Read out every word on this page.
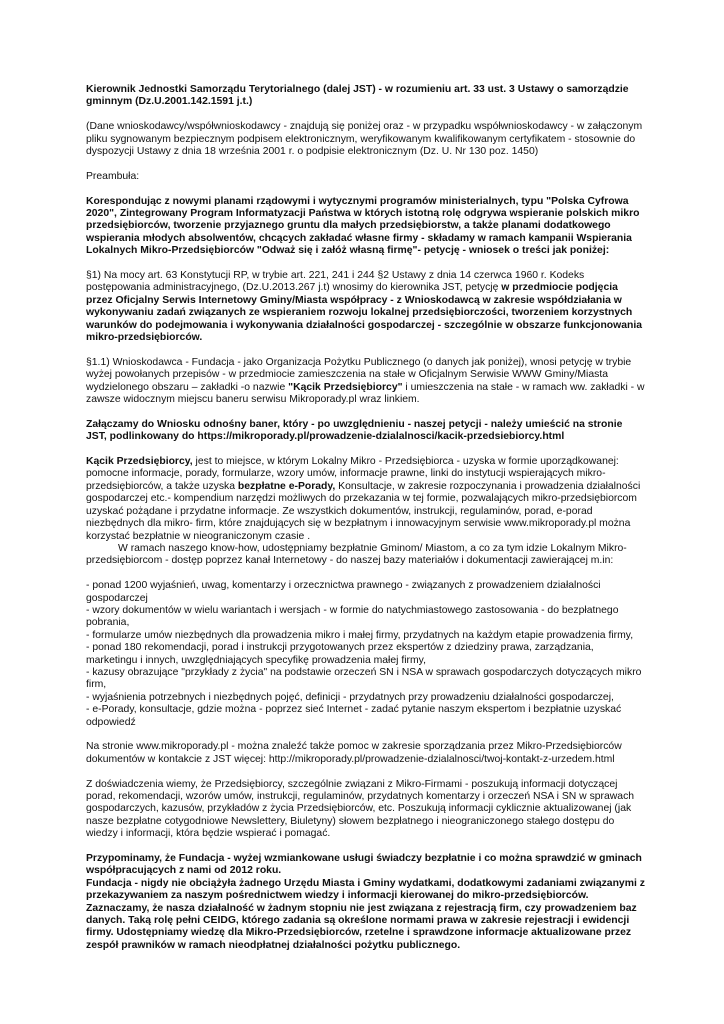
Kierownik Jednostki Samorządu Terytorialnego (dalej JST) - w rozumieniu art. 33 ust. 3 Ustawy o samorządzie gminnym (Dz.U.2001.142.1591 j.t.)

(Dane wnioskodawcy/współwnioskodawcy - znajdują się poniżej oraz - w przypadku współwnioskodawcy - w załączonym pliku sygnowanym bezpiecznym podpisem elektronicznym, weryfikowanym kwalifikowanym certyfikatem - stosownie do dyspozycji Ustawy z dnia 18 września 2001 r. o podpisie elektronicznym (Dz. U. Nr 130 poz. 1450)

Preambuła:

Korespondując z nowymi planami rządowymi i wytycznymi programów ministerialnych, typu "Polska Cyfrowa 2020", Zintegrowany Program Informatyzacji Państwa w których istotną rolę odgrywa wspieranie polskich mikro przedsiębiorców, tworzenie przyjaznego gruntu dla małych przedsiębiorstw, a także planami dodatkowego wspierania młodych absolwentów, chcących zakładać własne firmy - składamy w ramach kampanii Wspierania Lokalnych Mikro-Przedsiębiorców "Odważ się i załóż własną firmę"- petycję - wniosek o treści jak poniżej:

§1) Na mocy art. 63 Konstytucji RP, w trybie art. 221, 241 i 244 §2 Ustawy z dnia 14 czerwca 1960 r. Kodeks postępowania administracyjnego, (Dz.U.2013.267 j.t) wnosimy do kierownika JST, petycję w przedmiocie podjęcia przez Oficjalny Serwis Internetowy Gminy/Miasta współpracy - z Wnioskodawcą w zakresie współdziałania w wykonywaniu zadań związanych ze wspieraniem rozwoju lokalnej przedsiębiorczości, tworzeniem korzystnych warunków do podejmowania i wykonywania działalności gospodarczej - szczególnie w obszarze funkcjonowania mikro-przedsiębiorców.

§1.1) Wnioskodawca - Fundacja - jako Organizacja Pożytku Publicznego (o danych jak poniżej), wnosi petycję w trybie wyżej powołanych przepisów - w przedmiocie zamieszczenia na stałe w Oficjalnym Serwisie WWW Gminy/Miasta wydzielonego obszaru – zakładki -o nazwie "Kącik Przedsiębiorcy" i umieszczenia na stałe - w ramach ww. zakładki - w zawsze widocznym miejscu baneru serwisu Mikroporady.pl wraz linkiem.

Załączamy do Wniosku odnośny baner, który - po uwzględnieniu - naszej petycji - należy umieścić na stronie JST, podlinkowany do https://mikroporady.pl/prowadzenie-dzialalnosci/kacik-przedsiebiorcy.html

Kącik Przedsiębiorcy, jest to miejsce, w którym Lokalny Mikro - Przedsiębiorca - uzyska w formie uporządkowanej: pomocne informacje, porady, formularze, wzory umów, informacje prawne, linki do instytucji wspierających mikro-przedsiębiorców, a także uzyska bezpłatne e-Porady, Konsultacje, w zakresie rozpoczynania i prowadzenia działalności gospodarczej etc.- kompendium narzędzi możliwych do przekazania w tej formie, pozwalających mikro-przedsiębiorcom uzyskać pożądane i przydatne informacje. Ze wszystkich dokumentów, instrukcji, regulaminów, porad, e-porad niezbędnych dla mikro- firm, które znajdujących się w bezpłatnym i innowacyjnym serwisie www.mikroporady.pl można korzystać bezpłatnie w nieograniczonym czasie .

W ramach naszego know-how, udostępniamy bezpłatnie Gminom/ Miastom, a co za tym idzie Lokalnym Mikro-przedsiębiorcom - dostęp poprzez kanał Internetowy - do naszej bazy materiałów i dokumentacji zawierającej m.in:

- ponad 1200 wyjaśnień, uwag, komentarzy i orzecznictwa prawnego - związanych z prowadzeniem działalności gospodarczej
- wzory dokumentów w wielu wariantach i wersjach - w formie do natychmiastowego zastosowania - do bezpłatnego pobrania,
- formularze umów niezbędnych dla prowadzenia mikro i małej firmy, przydatnych na każdym etapie prowadzenia firmy,
- ponad 180 rekomendacji, porad i instrukcji przygotowanych przez ekspertów z dziedziny prawa, zarządzania, marketingu i innych, uwzględniających specyfikę prowadzenia małej firmy,
- kazusy obrazujące "przykłady z życia" na podstawie orzeczeń SN i NSA w sprawach gospodarczych dotyczących mikro firm,
- wyjaśnienia potrzebnych i niezbędnych pojęć, definicji - przydatnych przy prowadzeniu działalności gospodarczej,
- e-Porady, konsultacje, gdzie można - poprzez sieć Internet - zadać pytanie naszym ekspertom i bezpłatnie uzyskać odpowiedź

Na stronie www.mikroporady.pl - można znaleźć także pomoc w zakresie sporządzania przez Mikro-Przedsiębiorców dokumentów w kontakcie z JST więcej: http://mikroporady.pl/prowadzenie-dzialalnosci/twoj-kontakt-z-urzedem.html

Z doświadczenia wiemy, że Przedsiębiorcy, szczególnie związani z Mikro-Firmami - poszukują informacji dotyczącej porad, rekomendacji, wzorów umów, instrukcji, regulaminów, przydatnych komentarzy i orzeczeń NSA i SN w sprawach gospodarczych, kazusów, przykładów z życia Przedsiębiorców, etc. Poszukują informacji cyklicznie aktualizowanej (jak nasze bezpłatne cotygodniowe Newslettery, Biuletyny) słowem bezpłatnego i nieograniczonego stałego dostępu do wiedzy i informacji, która będzie wspierać i pomagać.

Przypominamy, że Fundacja - wyżej wzmiankowane usługi świadczy bezpłatnie i co można sprawdzić w gminach współpracujących z nami od 2012 roku.
Fundacja - nigdy nie obciążyła żadnego Urzędu Miasta i Gminy wydatkami, dodatkowymi zadaniami związanymi z przekazywaniem za naszym pośrednictwem wiedzy i informacji kierowanej do mikro-przedsiębiorców. Zaznaczamy, że nasza działalność w żadnym stopniu nie jest związana z rejestracją firm, czy prowadzeniem baz danych. Taką rolę pełni CEIDG, którego zadania są określone normami prawa w zakresie rejestracji i ewidencji firmy. Udostępniamy wiedzę dla Mikro-Przedsiębiorców, rzetelne i sprawdzone informacje aktualizowane przez zespół prawników w ramach nieodpłatnej działalności pożytku publicznego.
